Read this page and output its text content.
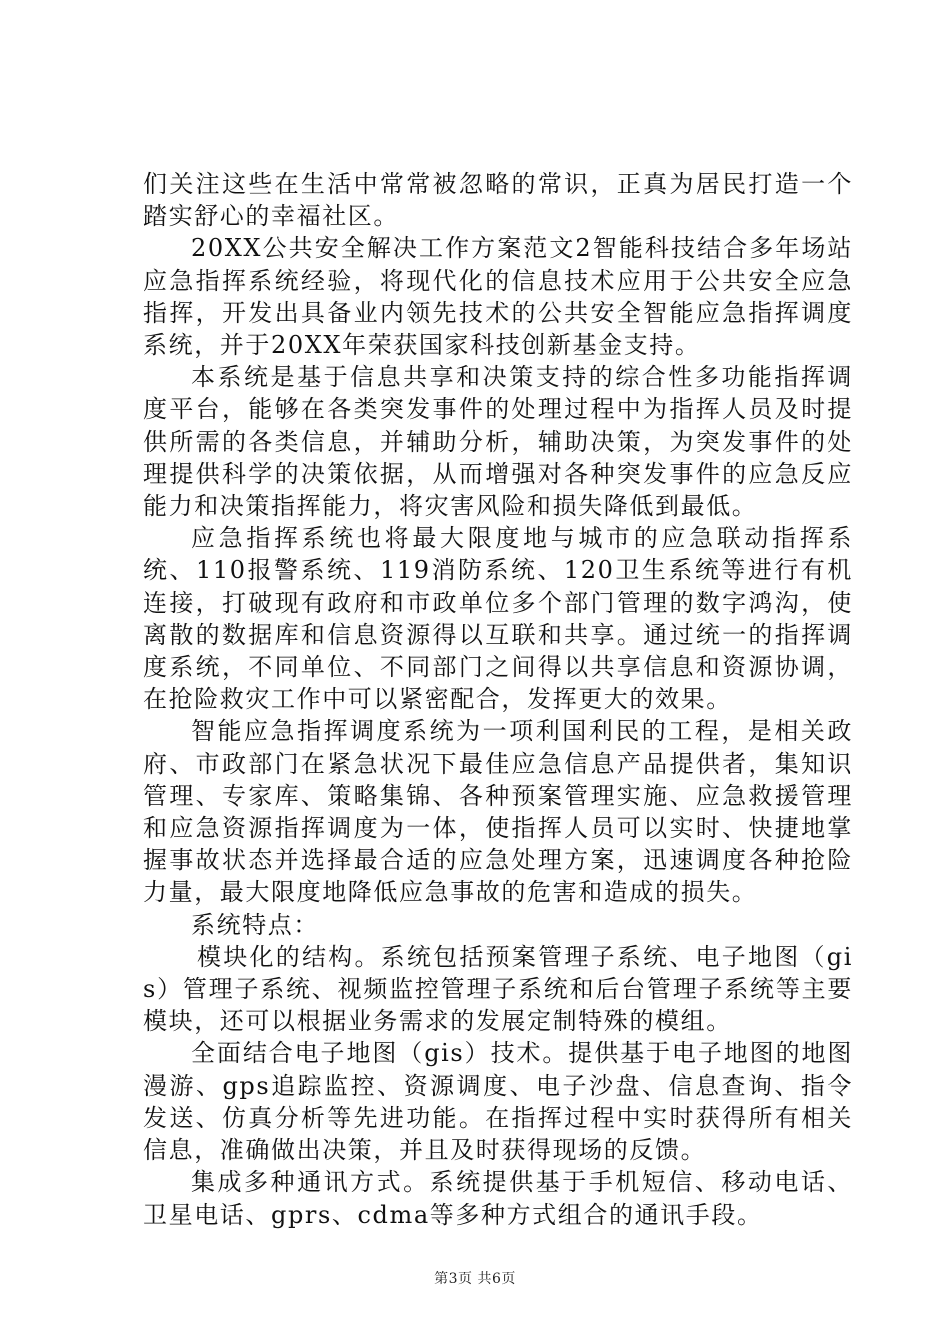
们关注这些在生活中常常被忽略的常识，正真为居民打造一个踏实舒心的幸福社区。

20XX公共安全解决工作方案范文2智能科技结合多年场站应急指挥系统经验，将现代化的信息技术应用于公共安全应急指挥，开发出具备业内领先技术的公共安全智能应急指挥调度系统，并于20XX年荣获国家科技创新基金支持。

本系统是基于信息共享和决策支持的综合性多功能指挥调度平台，能够在各类突发事件的处理过程中为指挥人员及时提供所需的各类信息，并辅助分析，辅助决策，为突发事件的处理提供科学的决策依据，从而增强对各种突发事件的应急反应能力和决策指挥能力，将灾害风险和损失降低到最低。

应急指挥系统也将最大限度地与城市的应急联动指挥系统、110报警系统、119消防系统、120卫生系统等进行有机连接，打破现有政府和市政单位多个部门管理的数字鸿沟，使离散的数据库和信息资源得以互联和共享。通过统一的指挥调度系统，不同单位、不同部门之间得以共享信息和资源协调，在抢险救灾工作中可以紧密配合，发挥更大的效果。

智能应急指挥调度系统为一项利国利民的工程，是相关政府、市政部门在紧急状况下最佳应急信息产品提供者，集知识管理、专家库、策略集锦、各种预案管理实施、应急救援管理和应急资源指挥调度为一体，使指挥人员可以实时、快捷地掌握事故状态并选择最合适的应急处理方案，迅速调度各种抢险力量，最大限度地降低应急事故的危害和造成的损失。

系统特点：

模块化的结构。系统包括预案管理子系统、电子地图（gis）管理子系统、视频监控管理子系统和后台管理子系统等主要模块，还可以根据业务需求的发展定制特殊的模组。

全面结合电子地图（gis）技术。提供基于电子地图的地图漫游、gps追踪监控、资源调度、电子沙盘、信息查询、指令发送、仿真分析等先进功能。在指挥过程中实时获得所有相关信息，准确做出决策，并且及时获得现场的反馈。

集成多种通讯方式。系统提供基于手机短信、移动电话、卫星电话、gprs、cdma等多种方式组合的通讯手段。

第3页 共6页
